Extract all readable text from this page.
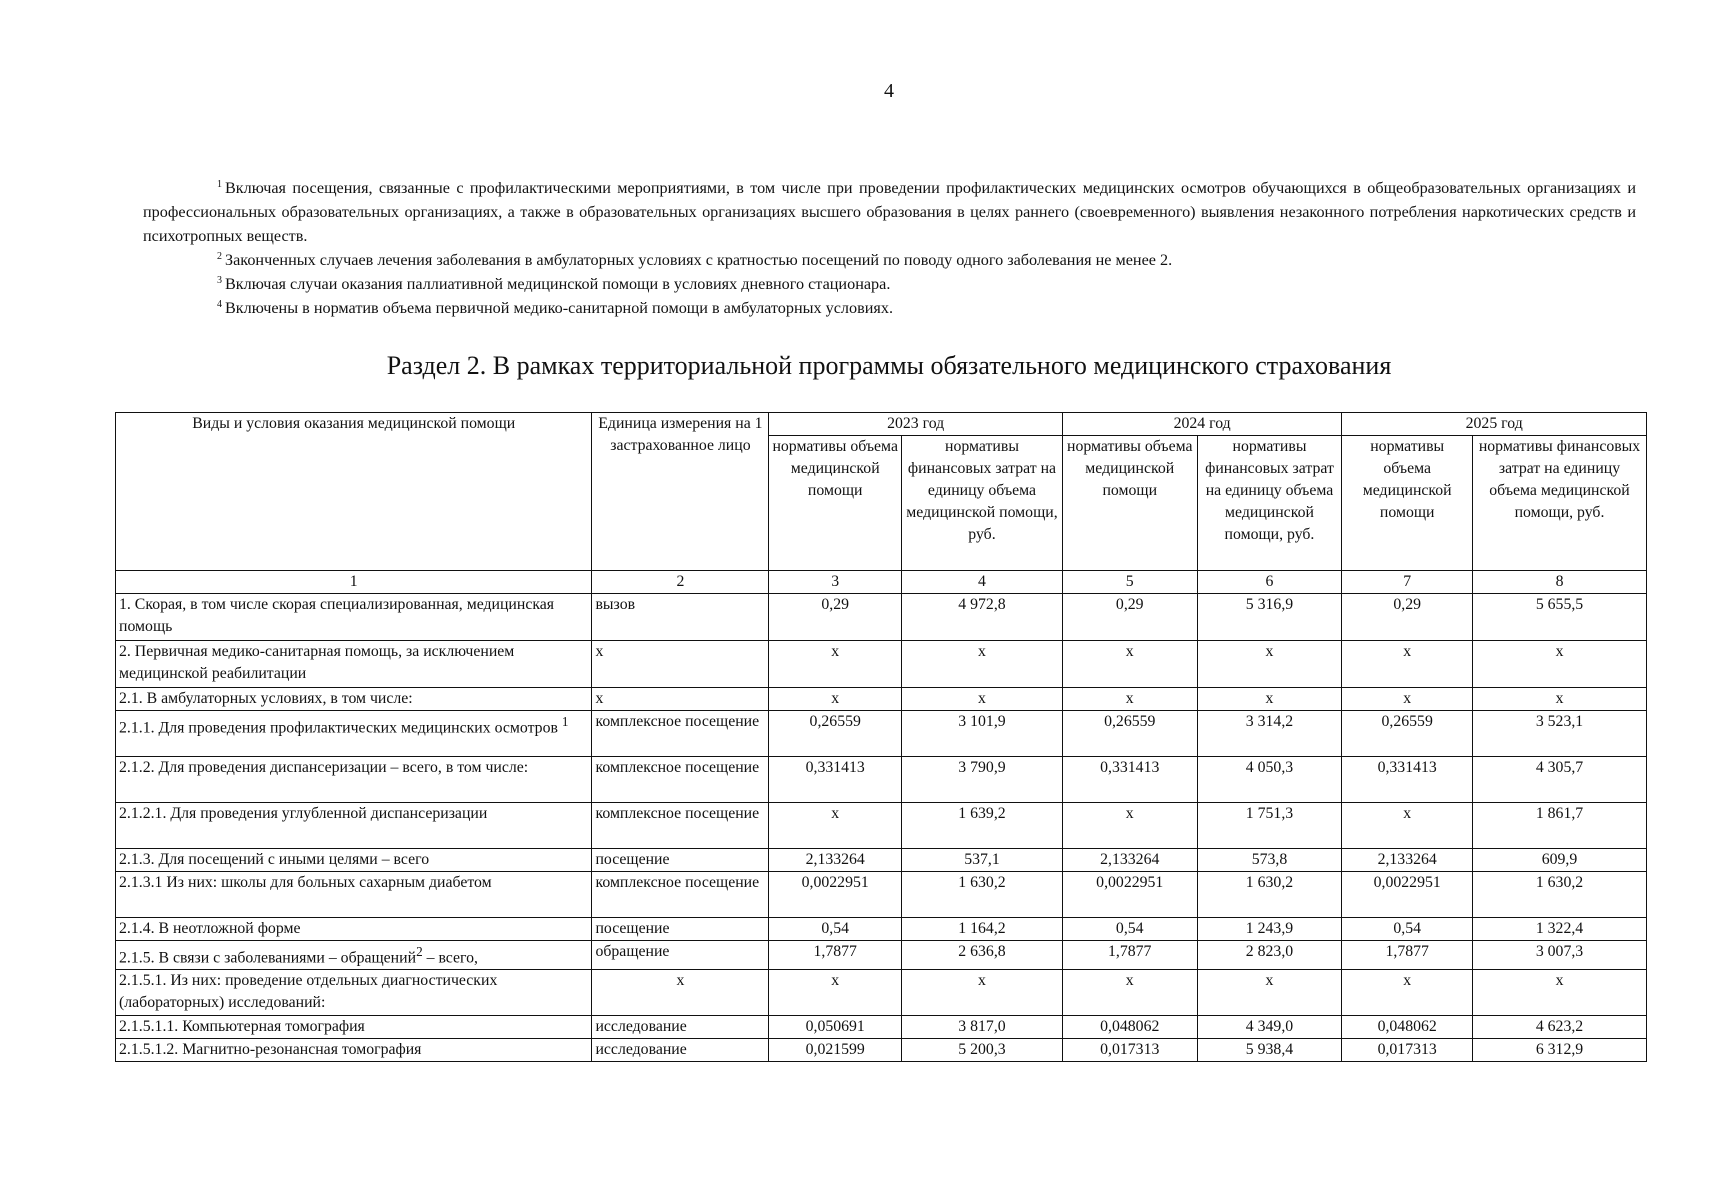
4

$^1$ Включая посещения, связанные с профилактическими мероприятиями, в том числе при проведении профилактических медицинских осмотров обучающихся в общеобразовательных организациях и профессиональных образовательных организациях, а также в образовательных организациях высшего образования в целях раннего (своевременного) выявления незаконного потребления наркотических средств и психотропных веществ.

$^2$ Законченных случаев лечения заболевания в амбулаторных условиях с кратностью посещений по поводу одного заболевания не менее 2.

$^3$ Включая случаи оказания паллиативной медицинской помощи в условиях дневного стационара.

$^4$ Включены в норматив объема первичной медико-санитарной помощи в амбулаторных условиях.

Раздел 2. В рамках территориальной программы обязательного медицинского страхования
Виды и условия оказания медицинской помощи	Единица измерения на 1 застрахованное лицо	2023 год		2024 год		2025 год	
		нормативы объема медицинской помощи	нормативы финансовых затрат на единицу объема медицинской помощи, руб.	нормативы объема медицинской помощи	нормативы финансовых затрат на единицу объема медицинской помощи, руб.	нормативы объема медицинской помощи	нормативы финансовых затрат на единицу объема медицинской помощи, руб.
1	2	3	4	5	6	7	8
1. Скорая, в том числе скорая специализированная, медицинская помощь	вызов	0,29	4 972,8	0,29	5 316,9	0,29	5 655,5
2. Первичная медико-санитарная помощь, за исключением медицинской реабилитации	х	х	х	х	х	х	х
2.1. В амбулаторных условиях, в том числе:	х	х	х	х	х	х	х
2.1.1. Для проведения профилактических медицинских осмотров $^1$	комплексное посещение	0,26559	3 101,9	0,26559	3 314,2	0,26559	3 523,1
2.1.2. Для проведения диспансеризации – всего, в том числе:	комплексное посещение	0,331413	3 790,9	0,331413	4 050,3	0,331413	4 305,7
2.1.2.1. Для проведения углубленной диспансеризации	комплексное посещение	х	1 639,2	х	1 751,3	х	1 861,7
2.1.3. Для посещений с иными целями – всего	посещение	2,133264	537,1	2,133264	573,8	2,133264	609,9
2.1.3.1 Из них: школы для больных сахарным диабетом	комплексное посещение	0,0022951	1 630,2	0,0022951	1 630,2	0,0022951	1 630,2
2.1.4. В неотложной форме	посещение	0,54	1 164,2	0,54	1 243,9	0,54	1 322,4
2.1.5. В связи с заболеваниями – обращений$^2$ – всего,	обращение	1,7877	2 636,8	1,7877	2 823,0	1,7877	3 007,3
2.1.5.1. Из них: проведение отдельных диагностических (лабораторных) исследований:	х	х	х	х	х	х	х
2.1.5.1.1. Компьютерная томография	исследование	0,050691	3 817,0	0,048062	4 349,0	0,048062	4 623,2
2.1.5.1.2. Магнитно-резонансная томография	исследование	0,021599	5 200,3	0,017313	5 938,4	0,017313	6 312,9
